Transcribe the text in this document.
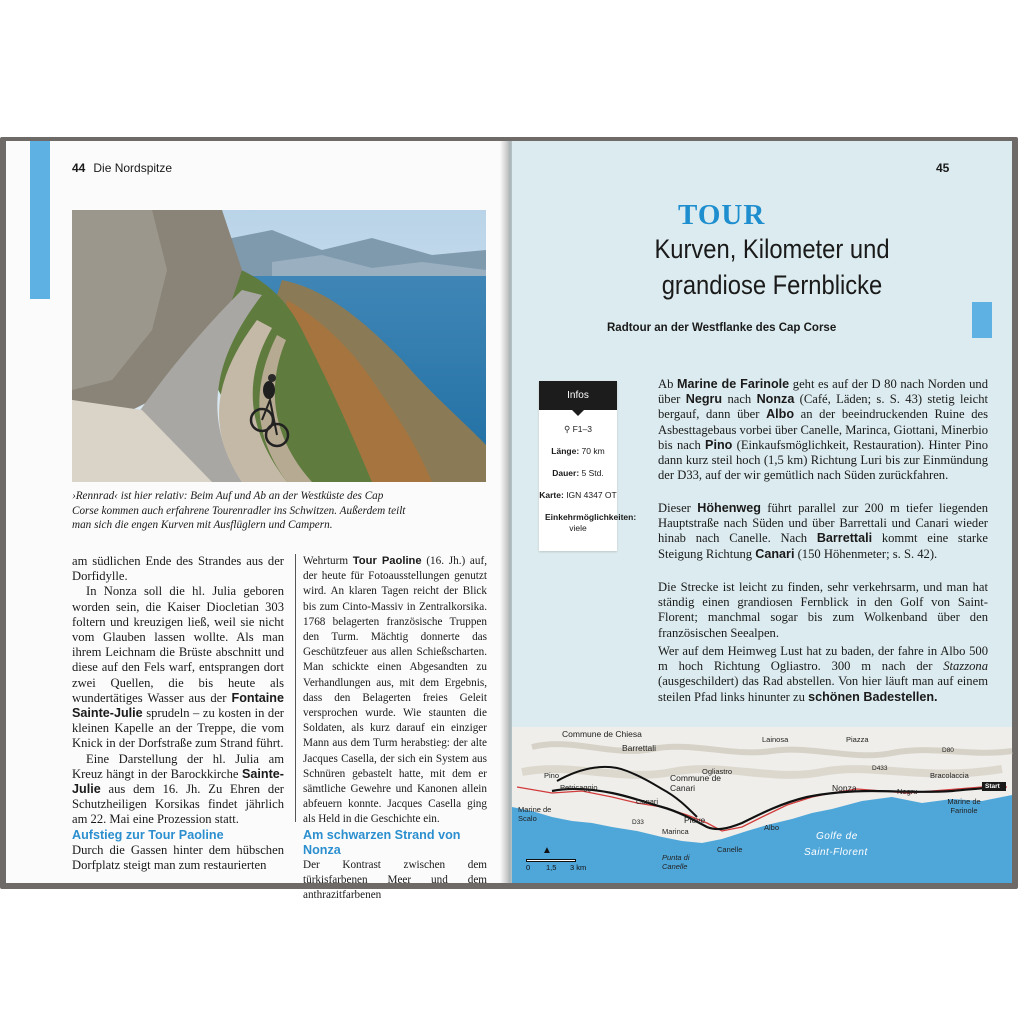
44 Die Nordspitze

›Rennrad‹ ist hier relativ: Beim Auf und Ab an der Westküste des Cap Corse kommen auch erfahrene Tourenradler ins Schwitzen. Außerdem teilt man sich die engen Kurven mit Ausflüglern und Campern.

am südlichen Ende des Strandes aus der Dorfidylle.

In Nonza soll die hl. Julia geboren worden sein, die Kaiser Diocletian 303 foltern und kreuzigen ließ, weil sie nicht vom Glauben lassen wollte. Als man ihrem Leichnam die Brüste abschnitt und diese auf den Fels warf, entsprangen dort zwei Quellen, die bis heute als wundertätiges Wasser aus der Fontaine Sainte-Julie sprudeln – zu kosten in der kleinen Kapelle an der Treppe, die vom Knick in der Dorfstraße zum Strand führt.

Eine Darstellung der hl. Julia am Kreuz hängt in der Barockkirche Sainte-Julie aus dem 16. Jh. Zu Ehren der Schutzheiligen Korsikas findet jährlich am 22. Mai eine Prozession statt.

Aufstieg zur Tour Paoline

Durch die Gassen hinter dem hübschen Dorfplatz steigt man zum restaurierten

Wehrturm Tour Paoline (16. Jh.) auf, der heute für Fotoausstellungen genutzt wird. An klaren Tagen reicht der Blick bis zum Cinto-Massiv in Zentralkorsika. 1768 belagerten französische Truppen den Turm. Mächtig donnerte das Geschützfeuer aus allen Schießscharten. Man schickte einen Abgesandten zu Verhandlungen aus, mit dem Ergebnis, dass den Belagerten freies Geleit versprochen wurde. Wie staunten die Soldaten, als kurz darauf ein einziger Mann aus dem Turm herabstieg: der alte Jacques Casella, der sich ein System aus Schnüren gebastelt hatte, mit dem er sämtliche Gewehre und Kanonen allein abfeuern konnte. Jacques Casella ging als Held in die Geschichte ein.

Am schwarzen Strand von Nonza

Der Kontrast zwischen dem türkisfarbenen Meer und dem anthrazitfarbenen

45
TOUR
Kurven, Kilometer und
grandiose Fernblicke
Radtour an der Westflanke des Cap Corse
Infos
⚲ F1–3
Länge: 70 km
Dauer: 5 Std.
Karte: IGN 4347 OT
Einkehrmöglichkeiten: viele

Ab Marine de Farinole geht es auf der D 80 nach Norden und über Negru nach Nonza (Café, Läden; s. S. 43) stetig leicht bergauf, dann über Albo an der beeindruckenden Ruine des Asbesttagebaus vorbei über Canelle, Marinca, Giottani, Minerbio bis nach Pino (Einkaufsmöglichkeit, Restauration). Hinter Pino dann kurz steil hoch (1,5 km) Richtung Luri bis zur Einmündung der D33, auf der wir gemütlich nach Süden zurückfahren.

Dieser Höhenweg führt parallel zur 200 m tiefer liegenden Hauptstraße nach Süden und über Barrettali und Canari wieder hinab nach Canelle. Nach Barrettali kommt eine starke Steigung Richtung Canari (150 Höhenmeter; s. S. 42).

Die Strecke ist leicht zu finden, sehr verkehrsarm, und man hat ständig einen grandiosen Fernblick in den Golf von Saint-Florent; manchmal sogar bis zum Wolkenband über den französischen Seealpen.

Wer auf dem Heimweg Lust hat zu baden, der fahre in Albo 500 m hoch Richtung Ogliastro. 300 m nach der Stazzona (ausgeschildert) das Rad abstellen. Von hier läuft man auf einem steilen Pfad links hinunter zu schönen Badestellen.

Commune de Chiesa
Barrettali
Pino
Petricaggio
Marine de Scalo
Marinca
Canari
Commune de Canari
Pieve
Punta di Canelle
Canelle
Ogliastro
Lainosa	Piazza
Nonza	Negru
Bracolaccia
Marine de Farinole
Albo
Start
D80
D33
D433
Golfe de
Saint-Florent
0 1,5 3 km
▲
